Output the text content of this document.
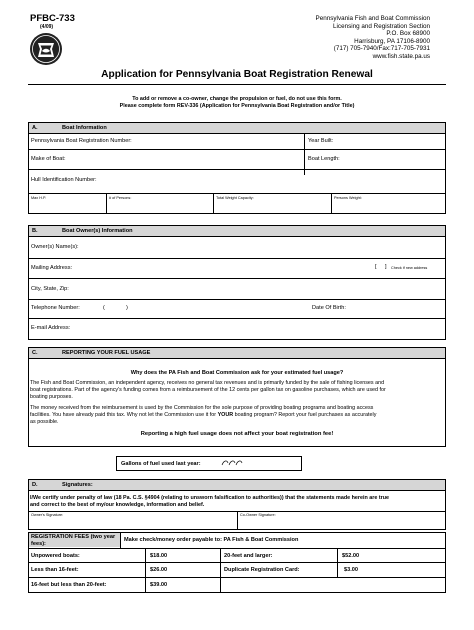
PFBC-733
(4/09)
Pennsylvania Fish and Boat Commission
Licensing and Registration Section
P.O. Box 68900
Harrisburg, PA 17106-8900
(717) 705-7940/Fax:717-705-7931
www.fish.state.pa.us
Application for Pennsylvania Boat Registration Renewal
To add or remove a co-owner, change the propulsion or fuel, do not use this form.
Please complete form REV-336 (Application for Pennsylvania Boat Registration and/or Title)
A.	Boat Information
Pennsylvania Boat Registration Number:	Year Built:
Make of Boat:	Boat Length:
Hull Identification Number:
Max H.P.	# of Persons:	Total Weight Capacity:	Persons Weight:
B.	Boat Owner(s) Information
Owner(s) Name(s):
Mailing Address:	[ ] Check if new address
City, State, Zip:
Telephone Number:	(	)	Date Of Birth:
E-mail Address:
C.	REPORTING YOUR FUEL USAGE
Why does the PA Fish and Boat Commission ask for your estimated fuel usage?
The Fish and Boat Commission, an independent agency, receives no general tax revenues and is primarily funded by the sale of fishing licenses and
boat registrations. Part of the agency's funding comes from a reimbursement of the 12 cents per gallon tax on gasoline purchases, which are used for
boating purposes.
The money received from the reimbursement is used by the Commission for the sole purpose of providing boating programs and boating access
facilities. You have already paid this tax. Why not let the Commission use it for YOUR boating program? Report your fuel purchases as accurately
as possible.
Reporting a high fuel usage does not affect your boat registration fee!
Gallons of fuel used last year:
D.	Signatures:
I/We certify under penalty of law (18 Pa. C.S. §4904 (relating to unsworn falsification to authorities)) that the statements made herein are true
and correct to the best of my/our knowledge, information and belief.
Owner's Signature:	Co-Owner Signature:
REGISTRATION FEES (two year fees):
Make check/money order payable to: PA Fish & Boat Commission
Unpowered boats:	$18.00	20-feet and larger:	$52.00
Less than 16-feet:	$26.00	Duplicate Registration Card:	$3.00
16-feet but less than 20-feet:	$39.00
